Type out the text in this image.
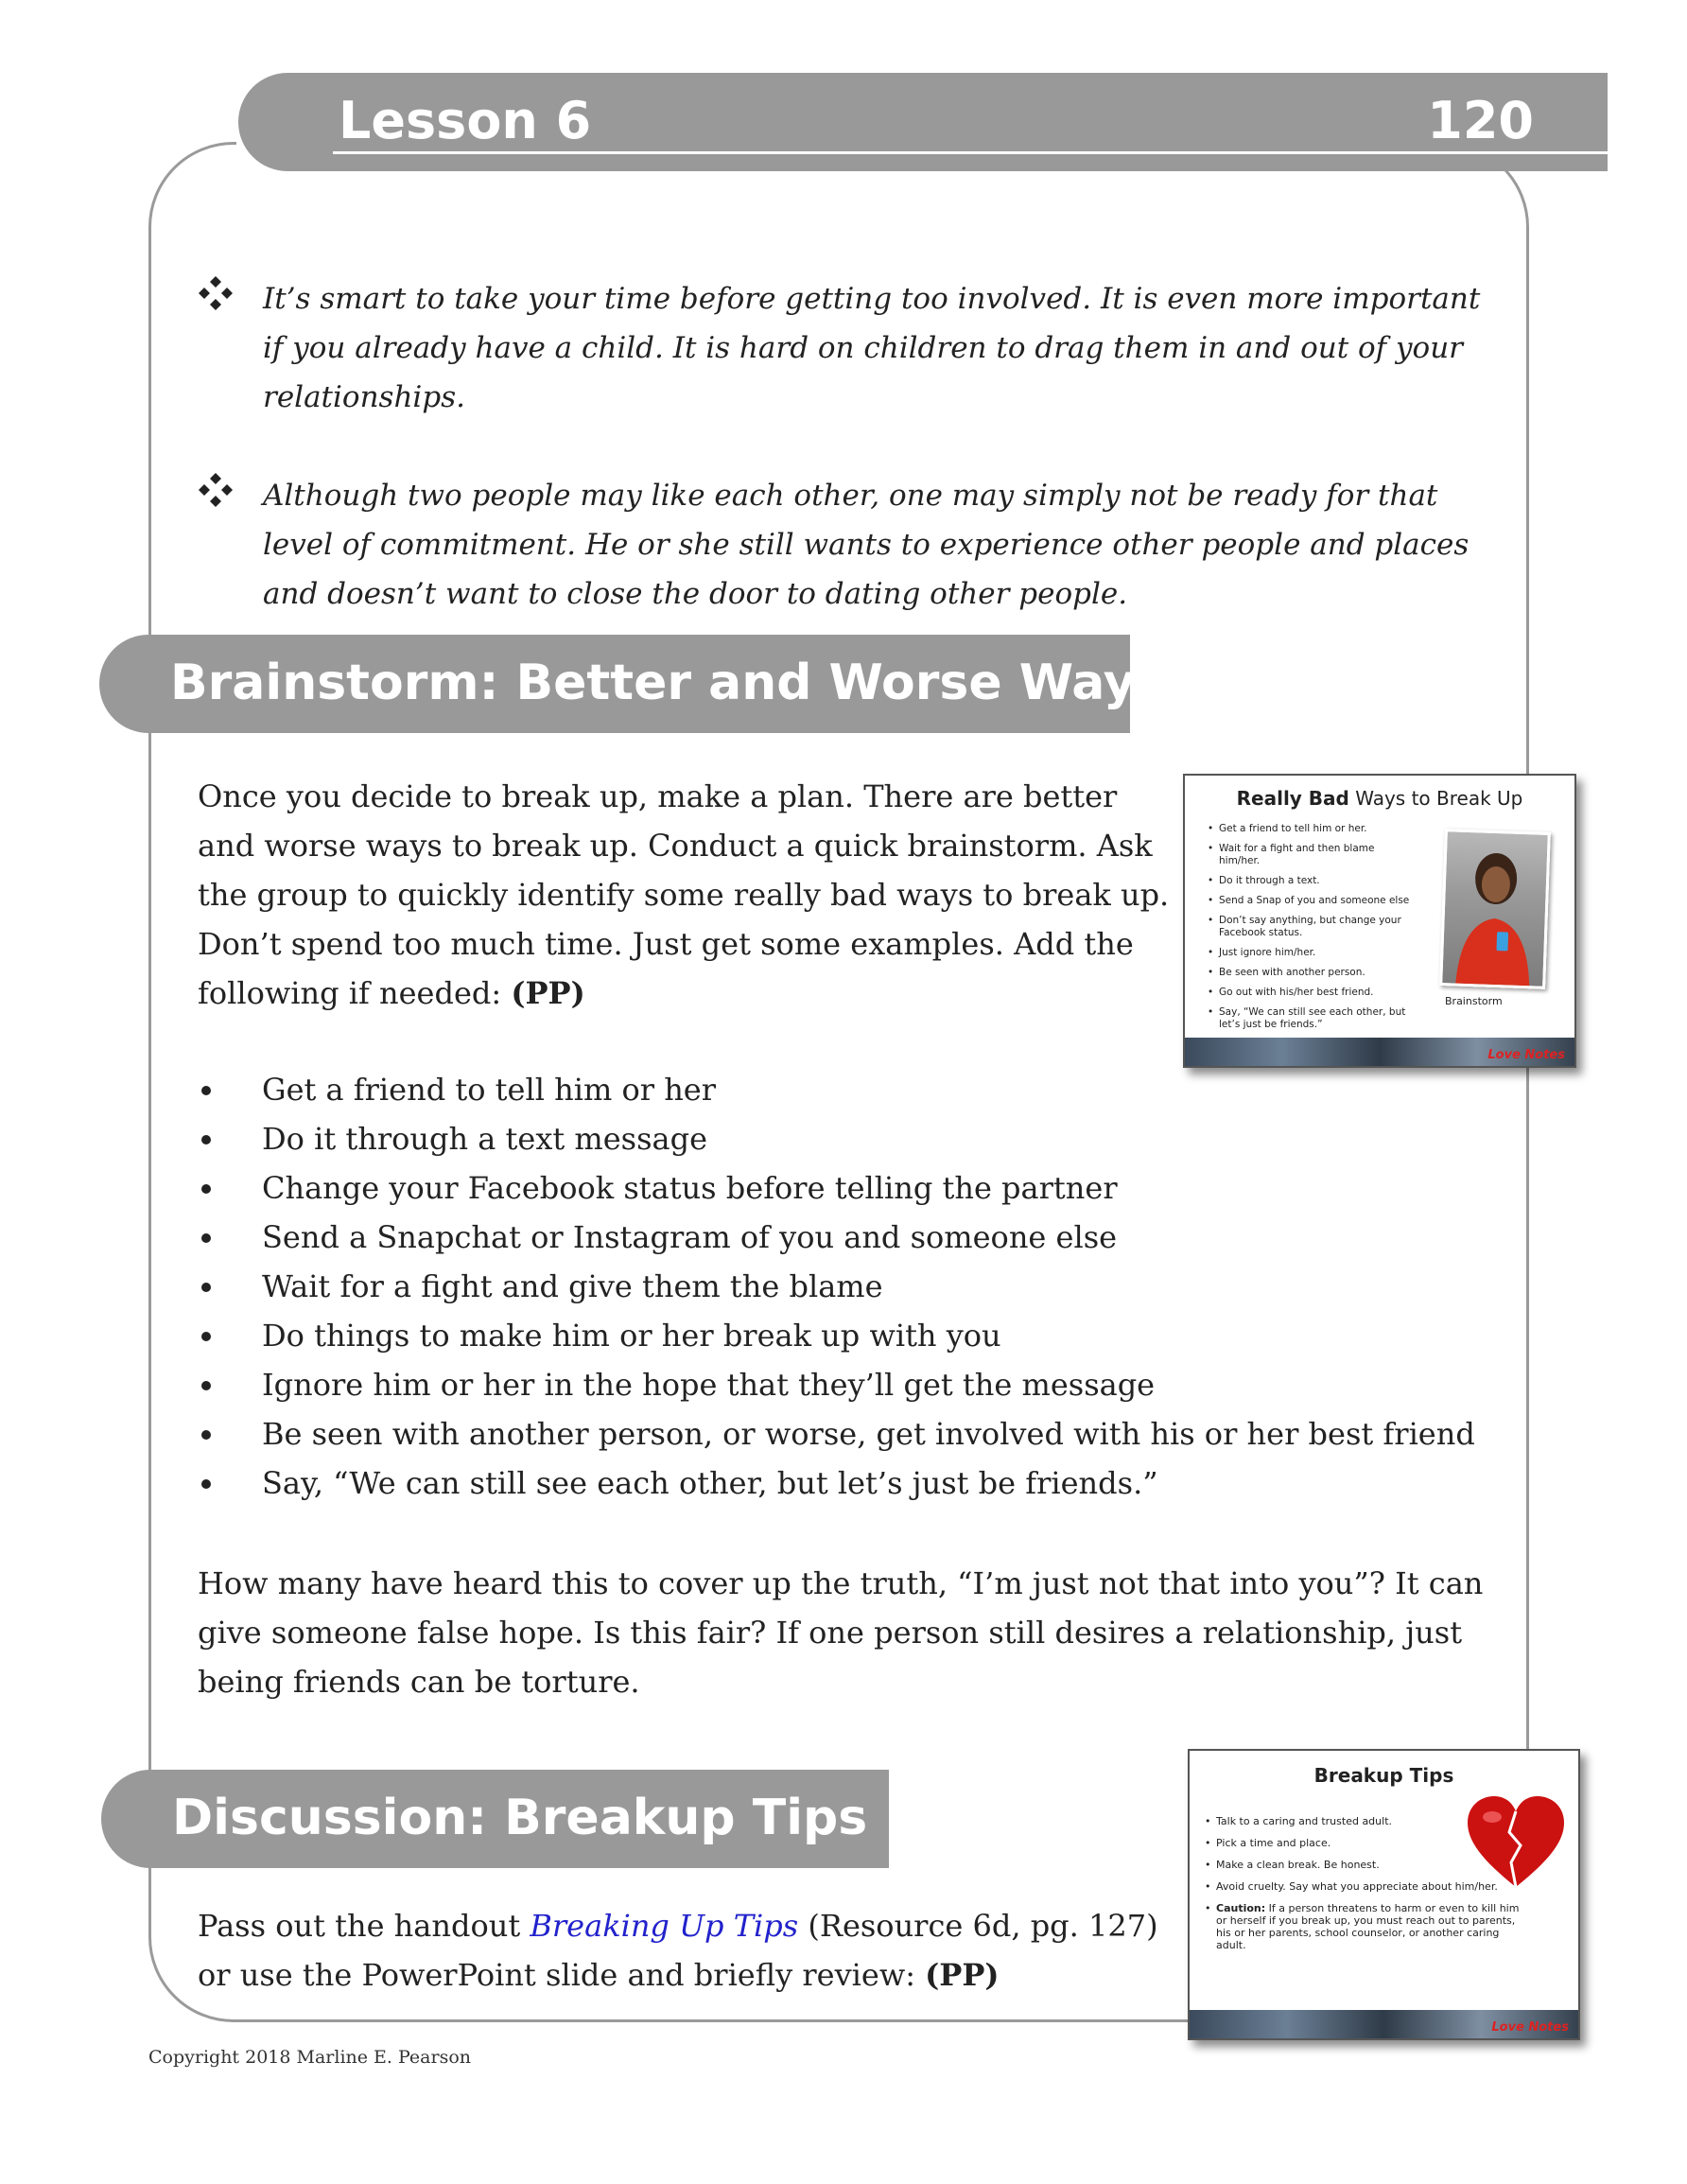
Lesson 6	120
It’s smart to take your time before getting too involved. It is even more important if you already have a child. It is hard on children to drag them in and out of your relationships.
Although two people may like each other, one may simply not be ready for that level of commitment. He or she still wants to experience other people and places and doesn’t want to close the door to dating other people.
Brainstorm: Better and Worse Ways
Once you decide to break up, make a plan. There are better and worse ways to break up. Conduct a quick brainstorm. Ask the group to quickly identify some really bad ways to break up. Don’t spend too much time. Just get some examples. Add the following if needed: (PP)
Really Bad Ways to Break Up
• Get a friend to tell him or her.
• Wait for a fight and then blame him/her.
• Do it through a text.
• Send a Snap of you and someone else
• Don’t say anything, but change your Facebook status.
• Just ignore him/her.
• Be seen with another person.
• Go out with his/her best friend.
• Say, “We can still see each other, but let’s just be friends.”
Brainstorm
Love Notes
Get a friend to tell him or her
Do it through a text message
Change your Facebook status before telling the partner
Send a Snapchat or Instagram of you and someone else
Wait for a fight and give them the blame
Do things to make him or her break up with you
Ignore him or her in the hope that they’ll get the message
Be seen with another person, or worse, get involved with his or her best friend
Say, “We can still see each other, but let’s just be friends.”
How many have heard this to cover up the truth, “I’m just not that into you”? It can give someone false hope. Is this fair? If one person still desires a relationship, just being friends can be torture.
Discussion: Breakup Tips
Pass out the handout Breaking Up Tips (Resource 6d, pg. 127) or use the PowerPoint slide and briefly review: (PP)
Breakup Tips
• Talk to a caring and trusted adult.
• Pick a time and place.
• Make a clean break. Be honest.
• Avoid cruelty. Say what you appreciate about him/her.
• Caution: If a person threatens to harm or even to kill him or herself if you break up, you must reach out to parents, his or her parents, school counselor, or another caring adult.
Love Notes
Copyright 2018 Marline E. Pearson
